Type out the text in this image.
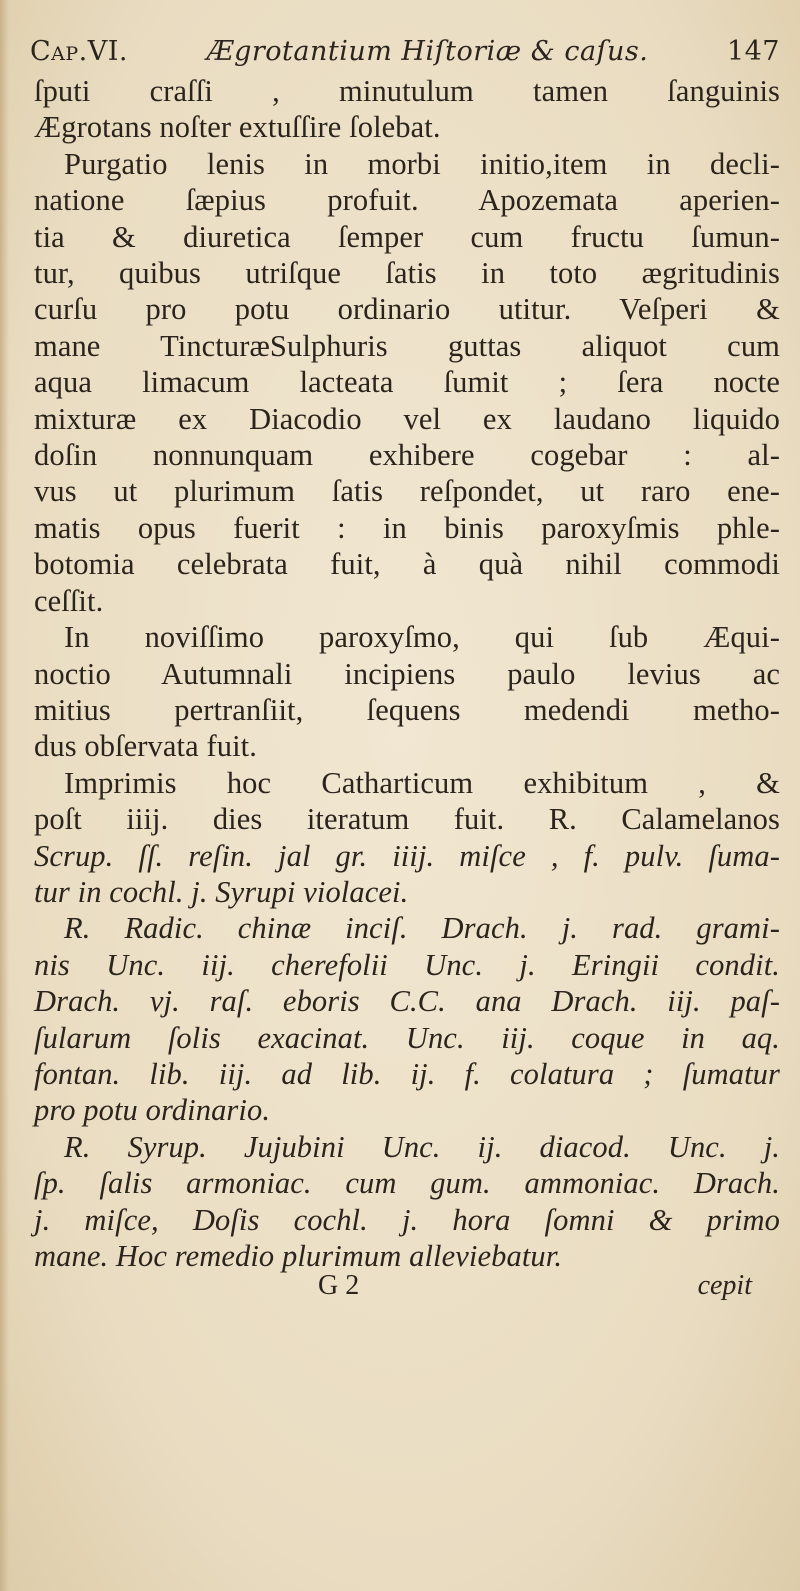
Cap.VI.	Ægrotantium Hiſtoriæ & caſus.	147
ſputi craſſi , minutulum tamen ſanguinis
Ægrotans noſter extuſſire ſolebat.
Purgatio lenis in morbi initio,item in decli-
natione ſæpius profuit. Apozemata aperien-
tia & diuretica ſemper cum fructu ſumun-
tur, quibus utriſque ſatis in toto ægritudinis
curſu pro potu ordinario utitur. Veſperi &
mane TincturæSulphuris guttas aliquot cum
aqua limacum lacteata ſumit ; ſera nocte
mixturæ ex Diacodio vel ex laudano liquido
doſin nonnunquam exhibere cogebar : al-
vus ut plurimum ſatis reſpondet, ut raro ene-
matis opus fuerit : in binis paroxyſmis phle-
botomia celebrata fuit, à quà nihil commodi
ceſſit.
In noviſſimo paroxyſmo, qui ſub Æqui-
noctio Autumnali incipiens paulo levius ac
mitius pertranſiit, ſequens medendi metho-
dus obſervata fuit.
Imprimis hoc Catharticum exhibitum , &
poſt iiij. dies iteratum fuit. R. Calamelanos
Scrup. ſſ. reſin. jal gr. iiij. miſce , f. pulv. ſuma-
tur in cochl. j. Syrupi violacei.
R. Radic. chinæ inciſ. Drach. j. rad. grami-
nis Unc. iij. cherefolii Unc. j. Eringii condit.
Drach. vj. raſ. eboris C.C. ana Drach. iij. paſ-
ſularum ſolis exacinat. Unc. iij. coque in aq.
fontan. lib. iij. ad lib. ij. f. colatura ; ſumatur
pro potu ordinario.
R. Syrup. Jujubini Unc. ij. diacod. Unc. j.
ſp. ſalis armoniac. cum gum. ammoniac. Drach.
j. miſce, Doſis cochl. j. hora ſomni & primo
mane. Hoc remedio plurimum alleviebatur.
G 2	cepit
